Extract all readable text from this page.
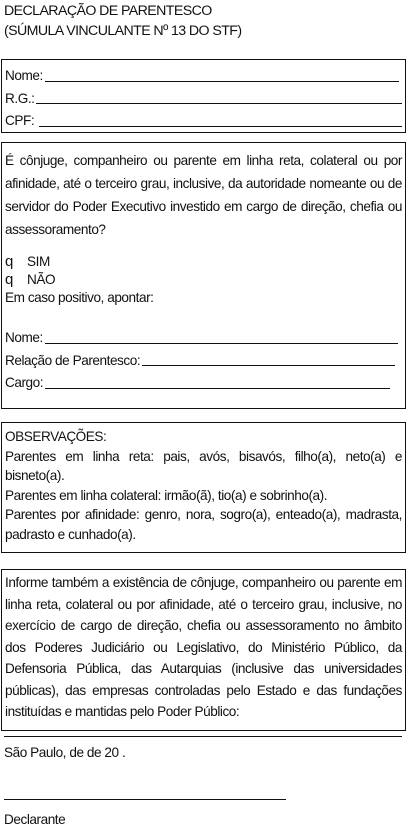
DECLARAÇÃO DE PARENTESCO
(SÚMULA VINCULANTE Nº 13 DO STF)
Nome:
R.G.:
CPF:
É cônjuge, companheiro ou parente em linha reta, colateral ou por afinidade, até o terceiro grau, inclusive, da autoridade nomeante ou de servidor do Poder Executivo investido em cargo de direção, chefia ou assessoramento?
q	SIM
q	NÃO
Em caso positivo, apontar:
Nome:
Relação de Parentesco:
Cargo:
OBSERVAÇÕES:
Parentes em linha reta: pais, avós, bisavós, filho(a), neto(a) e bisneto(a).
Parentes em linha colateral: irmão(ã), tio(a) e sobrinho(a).
Parentes por afinidade: genro, nora, sogro(a), enteado(a), madrasta, padrasto e cunhado(a).
Informe também a existência de cônjuge, companheiro ou parente em linha reta, colateral ou por afinidade, até o terceiro grau, inclusive, no exercício de cargo de direção, chefia ou assessoramento no âmbito dos Poderes Judiciário ou Legislativo, do Ministério Público, da Defensoria Pública, das Autarquias (inclusive das universidades públicas), das empresas controladas pelo Estado e das fundações instituídas e mantidas pelo Poder Público:
São Paulo, de de 20 .
Declarante
